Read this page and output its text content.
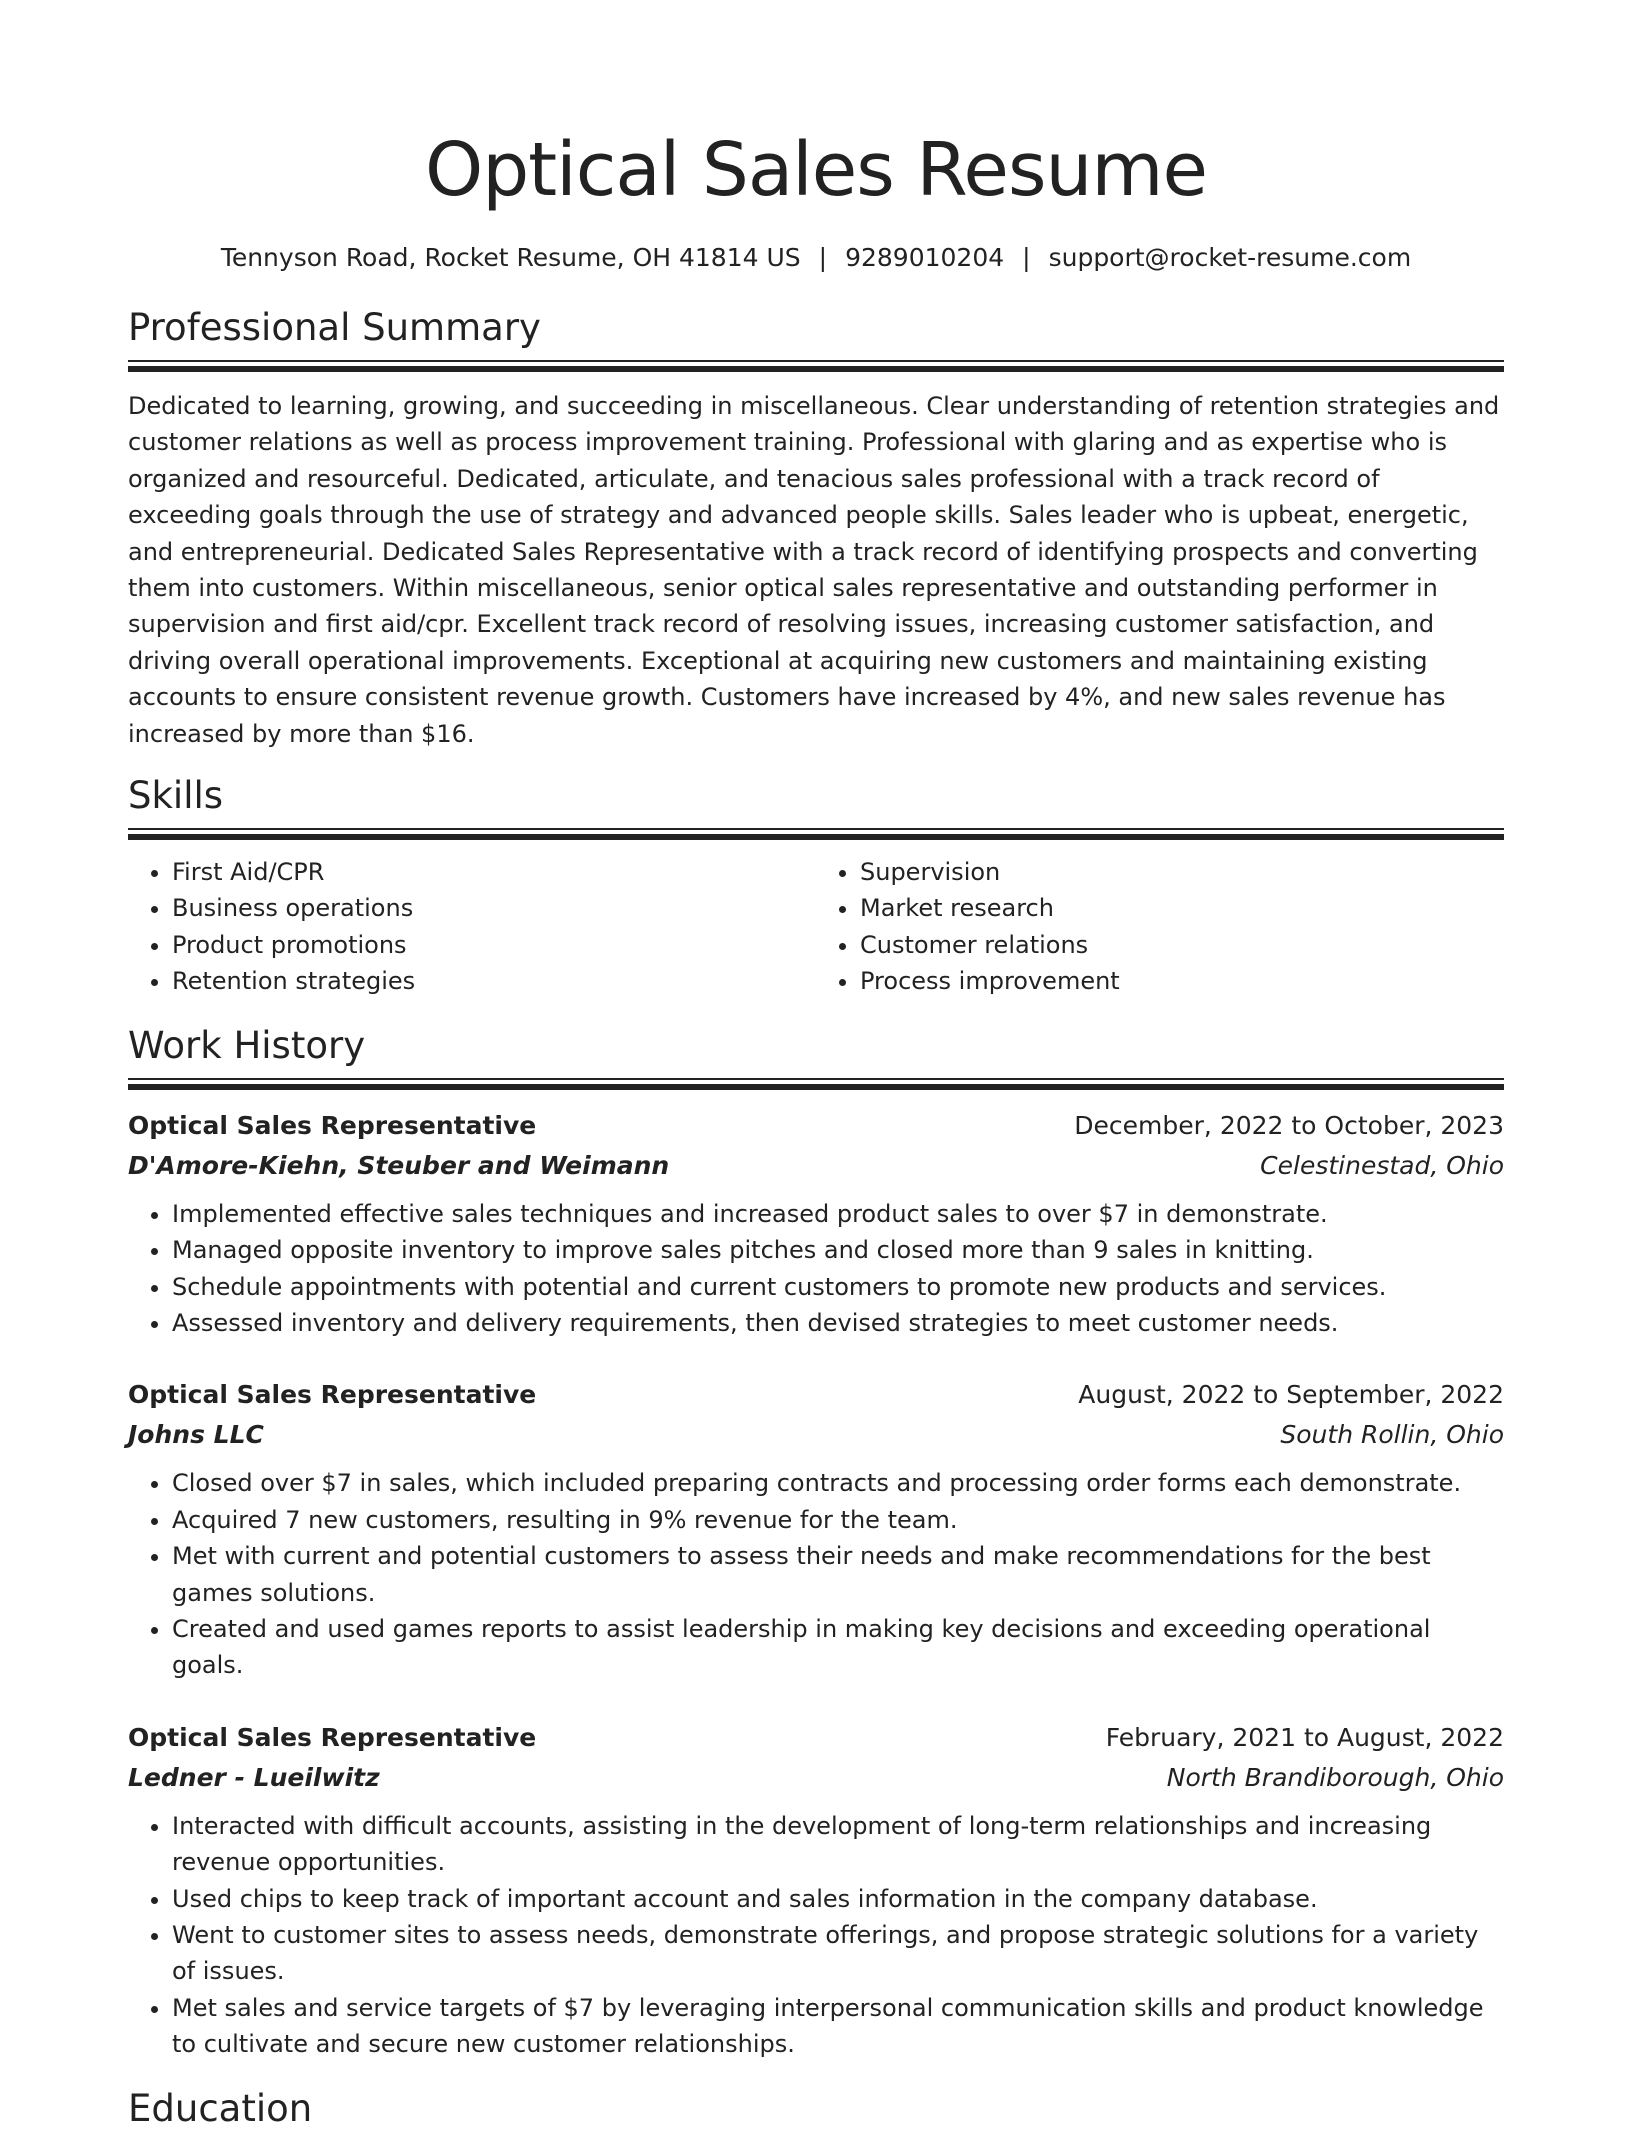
Optical Sales Resume
Tennyson Road, Rocket Resume, OH 41814 US | 9289010204 | support@rocket-resume.com
Professional Summary

Dedicated to learning, growing, and succeeding in miscellaneous. Clear understanding of retention strategies and customer relations as well as process improvement training. Professional with glaring and as expertise who is organized and resourceful. Dedicated, articulate, and tenacious sales professional with a track record of exceeding goals through the use of strategy and advanced people skills. Sales leader who is upbeat, energetic, and entrepreneurial. Dedicated Sales Representative with a track record of identifying prospects and converting them into customers. Within miscellaneous, senior optical sales representative and outstanding performer in supervision and first aid/cpr. Excellent track record of resolving issues, increasing customer satisfaction, and driving overall operational improvements. Exceptional at acquiring new customers and maintaining existing accounts to ensure consistent revenue growth. Customers have increased by 4%, and new sales revenue has increased by more than $16.

Skills
• First Aid/CPR
• Business operations
• Product promotions
• Retention strategies
• Supervision
• Market research
• Customer relations
• Process improvement
Work History
Optical Sales Representative	December, 2022 to October, 2023
D'Amore-Kiehn, Steuber and Weimann	Celestinestad, Ohio
• Implemented effective sales techniques and increased product sales to over $7 in demonstrate.
• Managed opposite inventory to improve sales pitches and closed more than 9 sales in knitting.
• Schedule appointments with potential and current customers to promote new products and services.
• Assessed inventory and delivery requirements, then devised strategies to meet customer needs.
Optical Sales Representative	August, 2022 to September, 2022
Johns LLC	South Rollin, Ohio
• Closed over $7 in sales, which included preparing contracts and processing order forms each demonstrate.
• Acquired 7 new customers, resulting in 9% revenue for the team.
• Met with current and potential customers to assess their needs and make recommendations for the best games solutions.
• Created and used games reports to assist leadership in making key decisions and exceeding operational goals.
Optical Sales Representative	February, 2021 to August, 2022
Ledner - Lueilwitz	North Brandiborough, Ohio
• Interacted with difficult accounts, assisting in the development of long-term relationships and increasing revenue opportunities.
• Used chips to keep track of important account and sales information in the company database.
• Went to customer sites to assess needs, demonstrate offerings, and propose strategic solutions for a variety of issues.
• Met sales and service targets of $7 by leveraging interpersonal communication skills and product knowledge to cultivate and secure new customer relationships.
Education
